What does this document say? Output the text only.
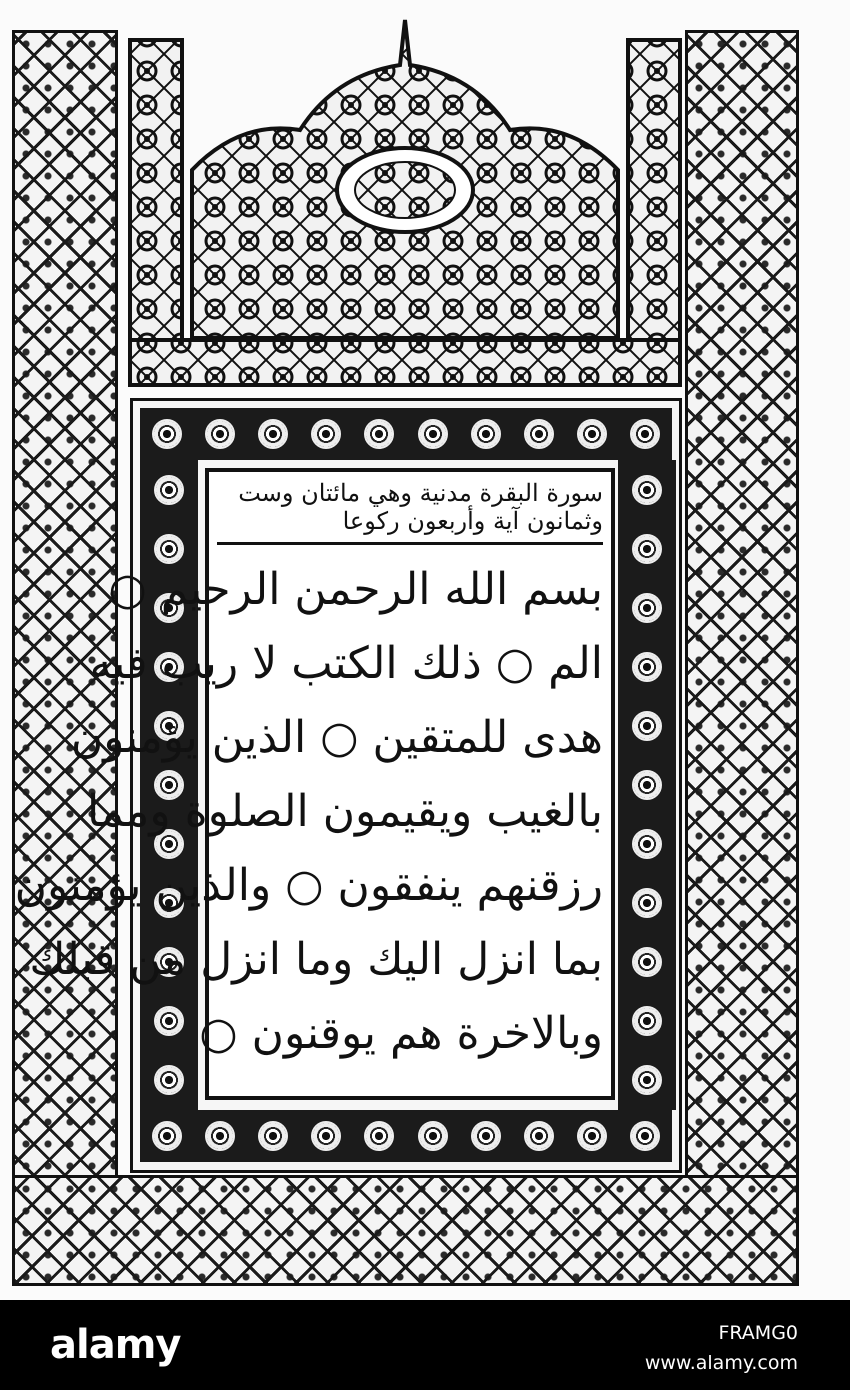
سورة البقرة مدنية وهي مائتان وست وثمانون آية وأربعون ركوعا
بسم الله الرحمن الرحيم ○
الم ○ ذلك الكتب لا ريب فيه
هدى للمتقين ○ الذين يؤمنون
بالغيب ويقيمون الصلوة ومما
رزقنهم ينفقون ○ والذين يؤمنون
بما انزل اليك وما انزل من قبلك
وبالاخرة هم يوقنون ○
alamy	FRAMG0
www.alamy.com
